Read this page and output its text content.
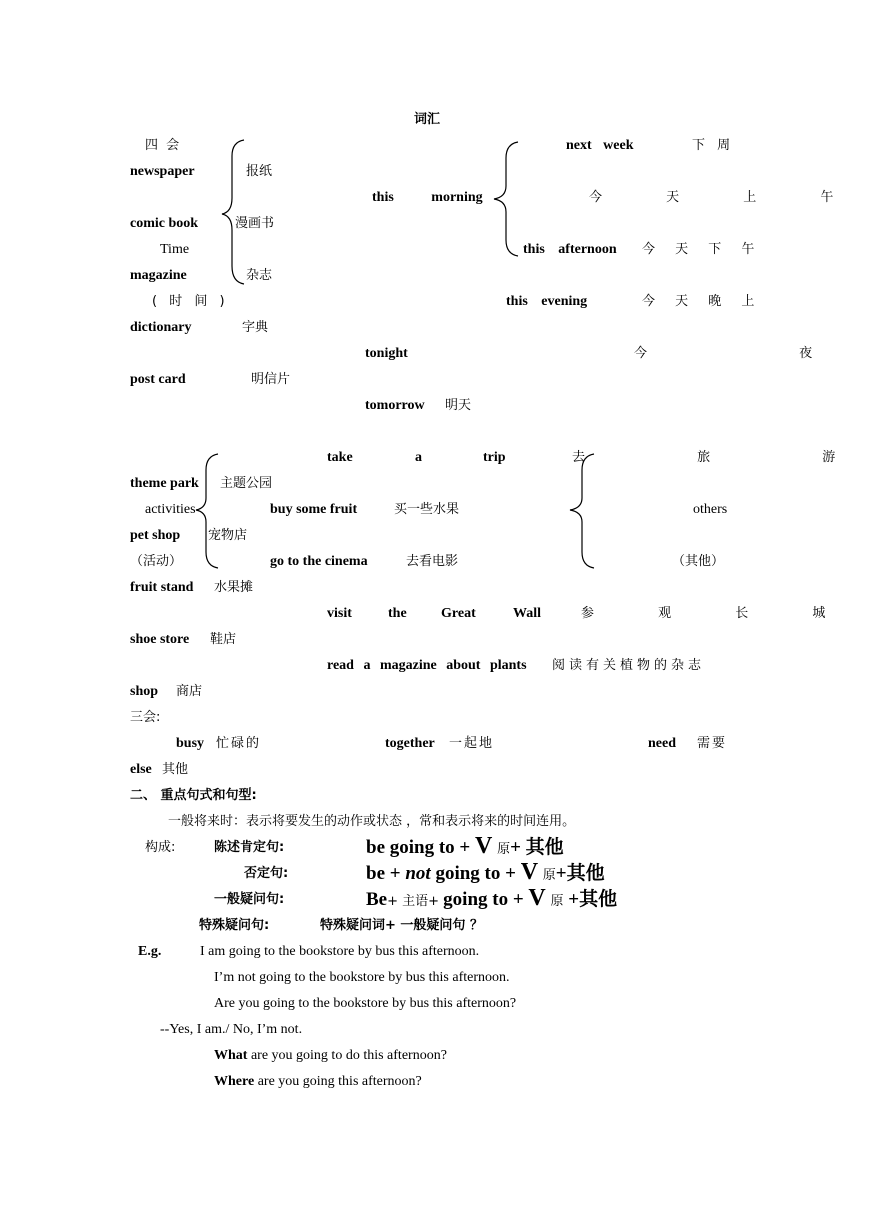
词汇
四 会	next week	下 周
newspaper	报纸
this morning	今 天 上 午
comic book	漫画书
Time	this afternoon 今 天 下 午
magazine	杂志
( 时 间 )	this evening	今 天 晚 上
dictionary	字典
tonight	今 夜
post card	明信片
tomorrow 明天
take	a	trip	去 旅 游
theme park 主题公园
activities	buy some fruit	买一些水果	others
pet shop 宠物店
（活动）	go to the cinema	去看电影	（其他）
fruit stand 水果摊
visit	the Great	Wall	参 观 长 城
shoe store 鞋店
read a magazine about plants 阅读有关植物的杂志
shop 商店
三会:
busy 忙碌的	together 一起地	need 需要
else 其他
二、 重点句式和句型:
一般将来时：表示将要发生的动作或状态 ，常和表示将来的时间连用。
构成:	陈述肯定句:	be going to + V 原+ 其他
否定句:	be + not going to + V 原+其他
一般疑问句:	Be+ 主语+ going to + V 原 +其他
特殊疑问句:	特殊疑问词+ 一般疑问句 ？
E.g.	I am going to the bookstore by bus this afternoon.
I’m not going to the bookstore by bus this afternoon.
Are you going to the bookstore by bus this afternoon?
--Yes, I am./ No, I’m not.
What are you going to do this afternoon?
Where are you going this afternoon?
